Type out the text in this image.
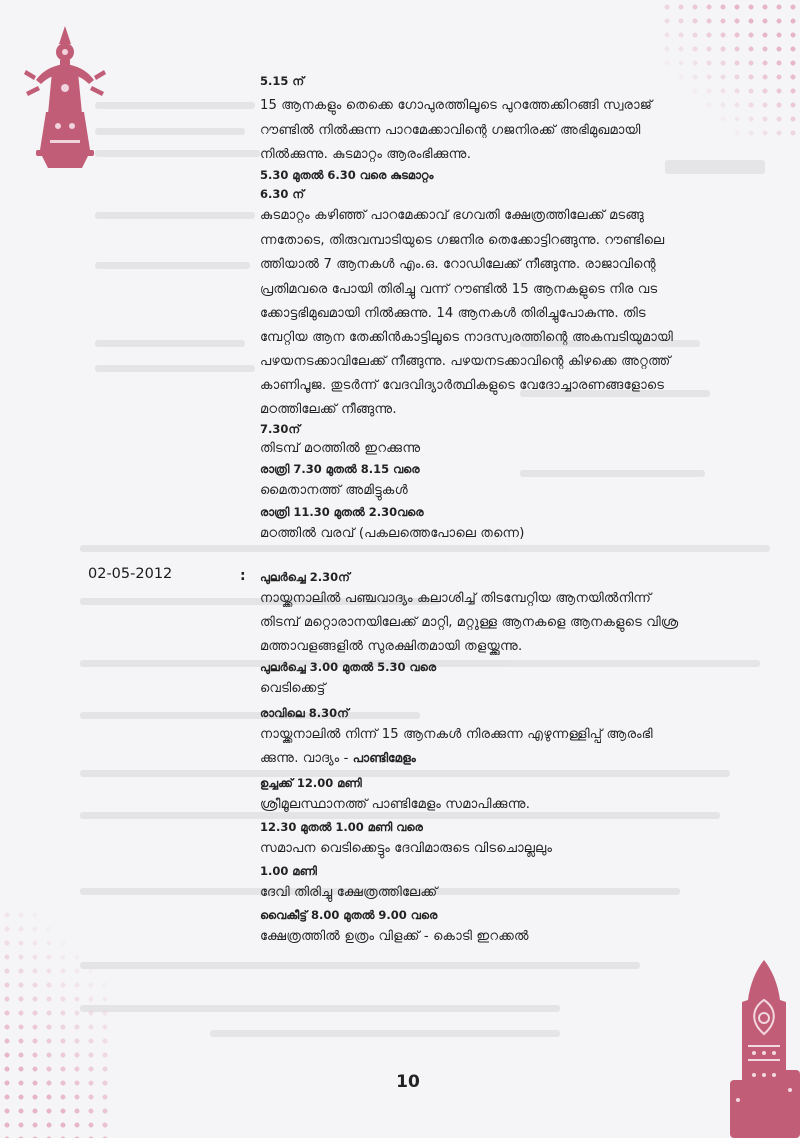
5.15 ന്
15 ആനകളും തെക്കെ ഗോപുരത്തിലൂടെ പുറത്തേക്കിറങ്ങി സ്വരാജ്
റൗണ്ടിൽ നിൽക്കുന്ന പാറമേക്കാവിന്റെ ഗജനിരക്ക് അഭിമുഖമായി
നിൽക്കുന്നു. കുടമാറ്റം ആരംഭിക്കുന്നു.
5.30 മുതൽ 6.30 വരെ കുടമാറ്റം
6.30 ന്
കുടമാറ്റം കഴിഞ്ഞ് പാറമേക്കാവ് ഭഗവതി ക്ഷേത്രത്തിലേക്ക് മടങ്ങു
ന്നതോടെ, തിരുവമ്പാടിയുടെ ഗജനിര തെക്കോട്ടിറങ്ങുന്നു. റൗണ്ടിലെ
ത്തിയാൽ 7 ആനകൾ എം.ഒ. റോഡിലേക്ക് നീങ്ങുന്നു. രാജാവിന്റെ
പ്രതിമവരെ പോയി തിരിച്ചു വന്ന് റൗണ്ടിൽ 15 ആനകളുടെ നിര വട
ക്കോട്ടഭിമുഖമായി നിൽക്കുന്നു. 14 ആനകൾ തിരിച്ചുപോകുന്നു. തിട
മ്പേറ്റിയ ആന തേക്കിൻകാട്ടിലൂടെ നാദസ്വരത്തിന്റെ അകമ്പടിയുമായി
പഴയനടക്കാവിലേക്ക് നീങ്ങുന്നു. പഴയനടക്കാവിന്റെ കിഴക്കെ അറ്റത്ത്
കാണിപൂജ. തുടർന്ന് വേദവിദ്യാർത്ഥികളുടെ വേദോച്ചാരണങ്ങളോടെ
മഠത്തിലേക്ക് നീങ്ങുന്നു.
7.30ന്
തിടമ്പ് മഠത്തിൽ ഇറക്കുന്നു
രാത്രി 7.30 മുതൽ 8.15 വരെ
മൈതാനത്ത് അമിട്ടുകൾ
രാത്രി 11.30 മുതൽ 2.30വരെ
മഠത്തിൽ വരവ് (പകലത്തെപോലെ തന്നെ)
02-05-2012	: പുലർച്ചെ 2.30ന്
നായ്ക്കനാലിൽ പഞ്ചവാദ്യം കലാശിച്ച് തിടമ്പേറ്റിയ ആനയിൽനിന്ന്
തിടമ്പ് മറ്റൊരാനയിലേക്ക് മാറ്റി, മറ്റുള്ള ആനകളെ ആനകളുടെ വിശ്ര
മത്താവളങ്ങളിൽ സുരക്ഷിതമായി തളയ്ക്കുന്നു.
പുലർച്ചെ 3.00 മുതൽ 5.30 വരെ
വെടിക്കെട്ട്
രാവിലെ 8.30ന്
നായ്ക്കനാലിൽ നിന്ന് 15 ആനകൾ നിരക്കുന്ന എഴുന്നള്ളിപ്പ് ആരംഭി
ക്കുന്നു. വാദ്യം - പാണ്ടിമേളം
ഉച്ചക്ക് 12.00 മണി
ശ്രീമൂലസ്ഥാനത്ത് പാണ്ടിമേളം സമാപിക്കുന്നു.
12.30 മുതൽ 1.00 മണി വരെ
സമാപന വെടിക്കെട്ടും ദേവിമാരുടെ വിടചൊല്ലലും
1.00 മണി
ദേവി തിരിച്ചു ക്ഷേത്രത്തിലേക്ക്
വൈകീട്ട് 8.00 മുതൽ 9.00 വരെ
ക്ഷേത്രത്തിൽ ഉത്രം വിളക്ക് - കൊടി ഇറക്കൽ
10
